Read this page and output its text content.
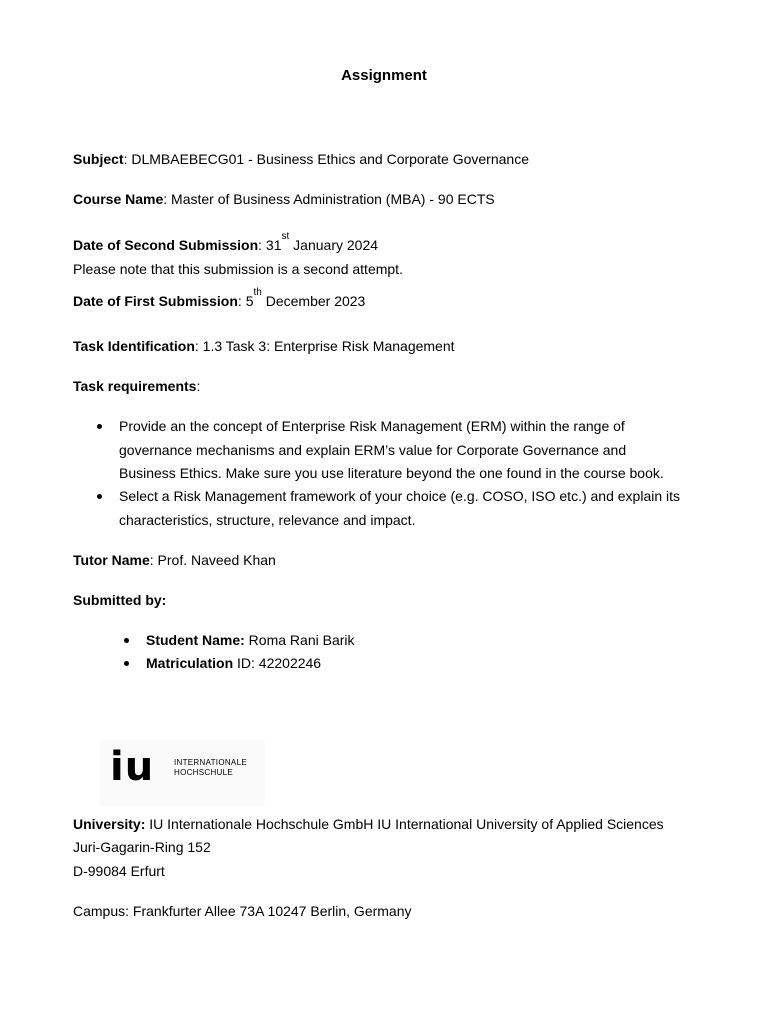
Assignment
Subject: DLMBAEBECG01 - Business Ethics and Corporate Governance
Course Name: Master of Business Administration (MBA) - 90 ECTS
Date of Second Submission: 31st January 2024
Please note that this submission is a second attempt.
Date of First Submission: 5th December 2023
Task Identification: 1.3 Task 3: Enterprise Risk Management
Task requirements:
Provide an the concept of Enterprise Risk Management (ERM) within the range of
governance mechanisms and explain ERM’s value for Corporate Governance and
Business Ethics. Make sure you use literature beyond the one found in the course book.
Select a Risk Management framework of your choice (e.g. COSO, ISO etc.) and explain its
characteristics, structure, relevance and impact.
Tutor Name: Prof. Naveed Khan
Submitted by:
Student Name: Roma Rani Barik
Matriculation ID: 42202246
iu INTERNATIONALE
HOCHSCHULE
University: IU Internationale Hochschule GmbH IU International University of Applied Sciences
Juri-Gagarin-Ring 152
D-99084 Erfurt
Campus: Frankfurter Allee 73A 10247 Berlin, Germany
